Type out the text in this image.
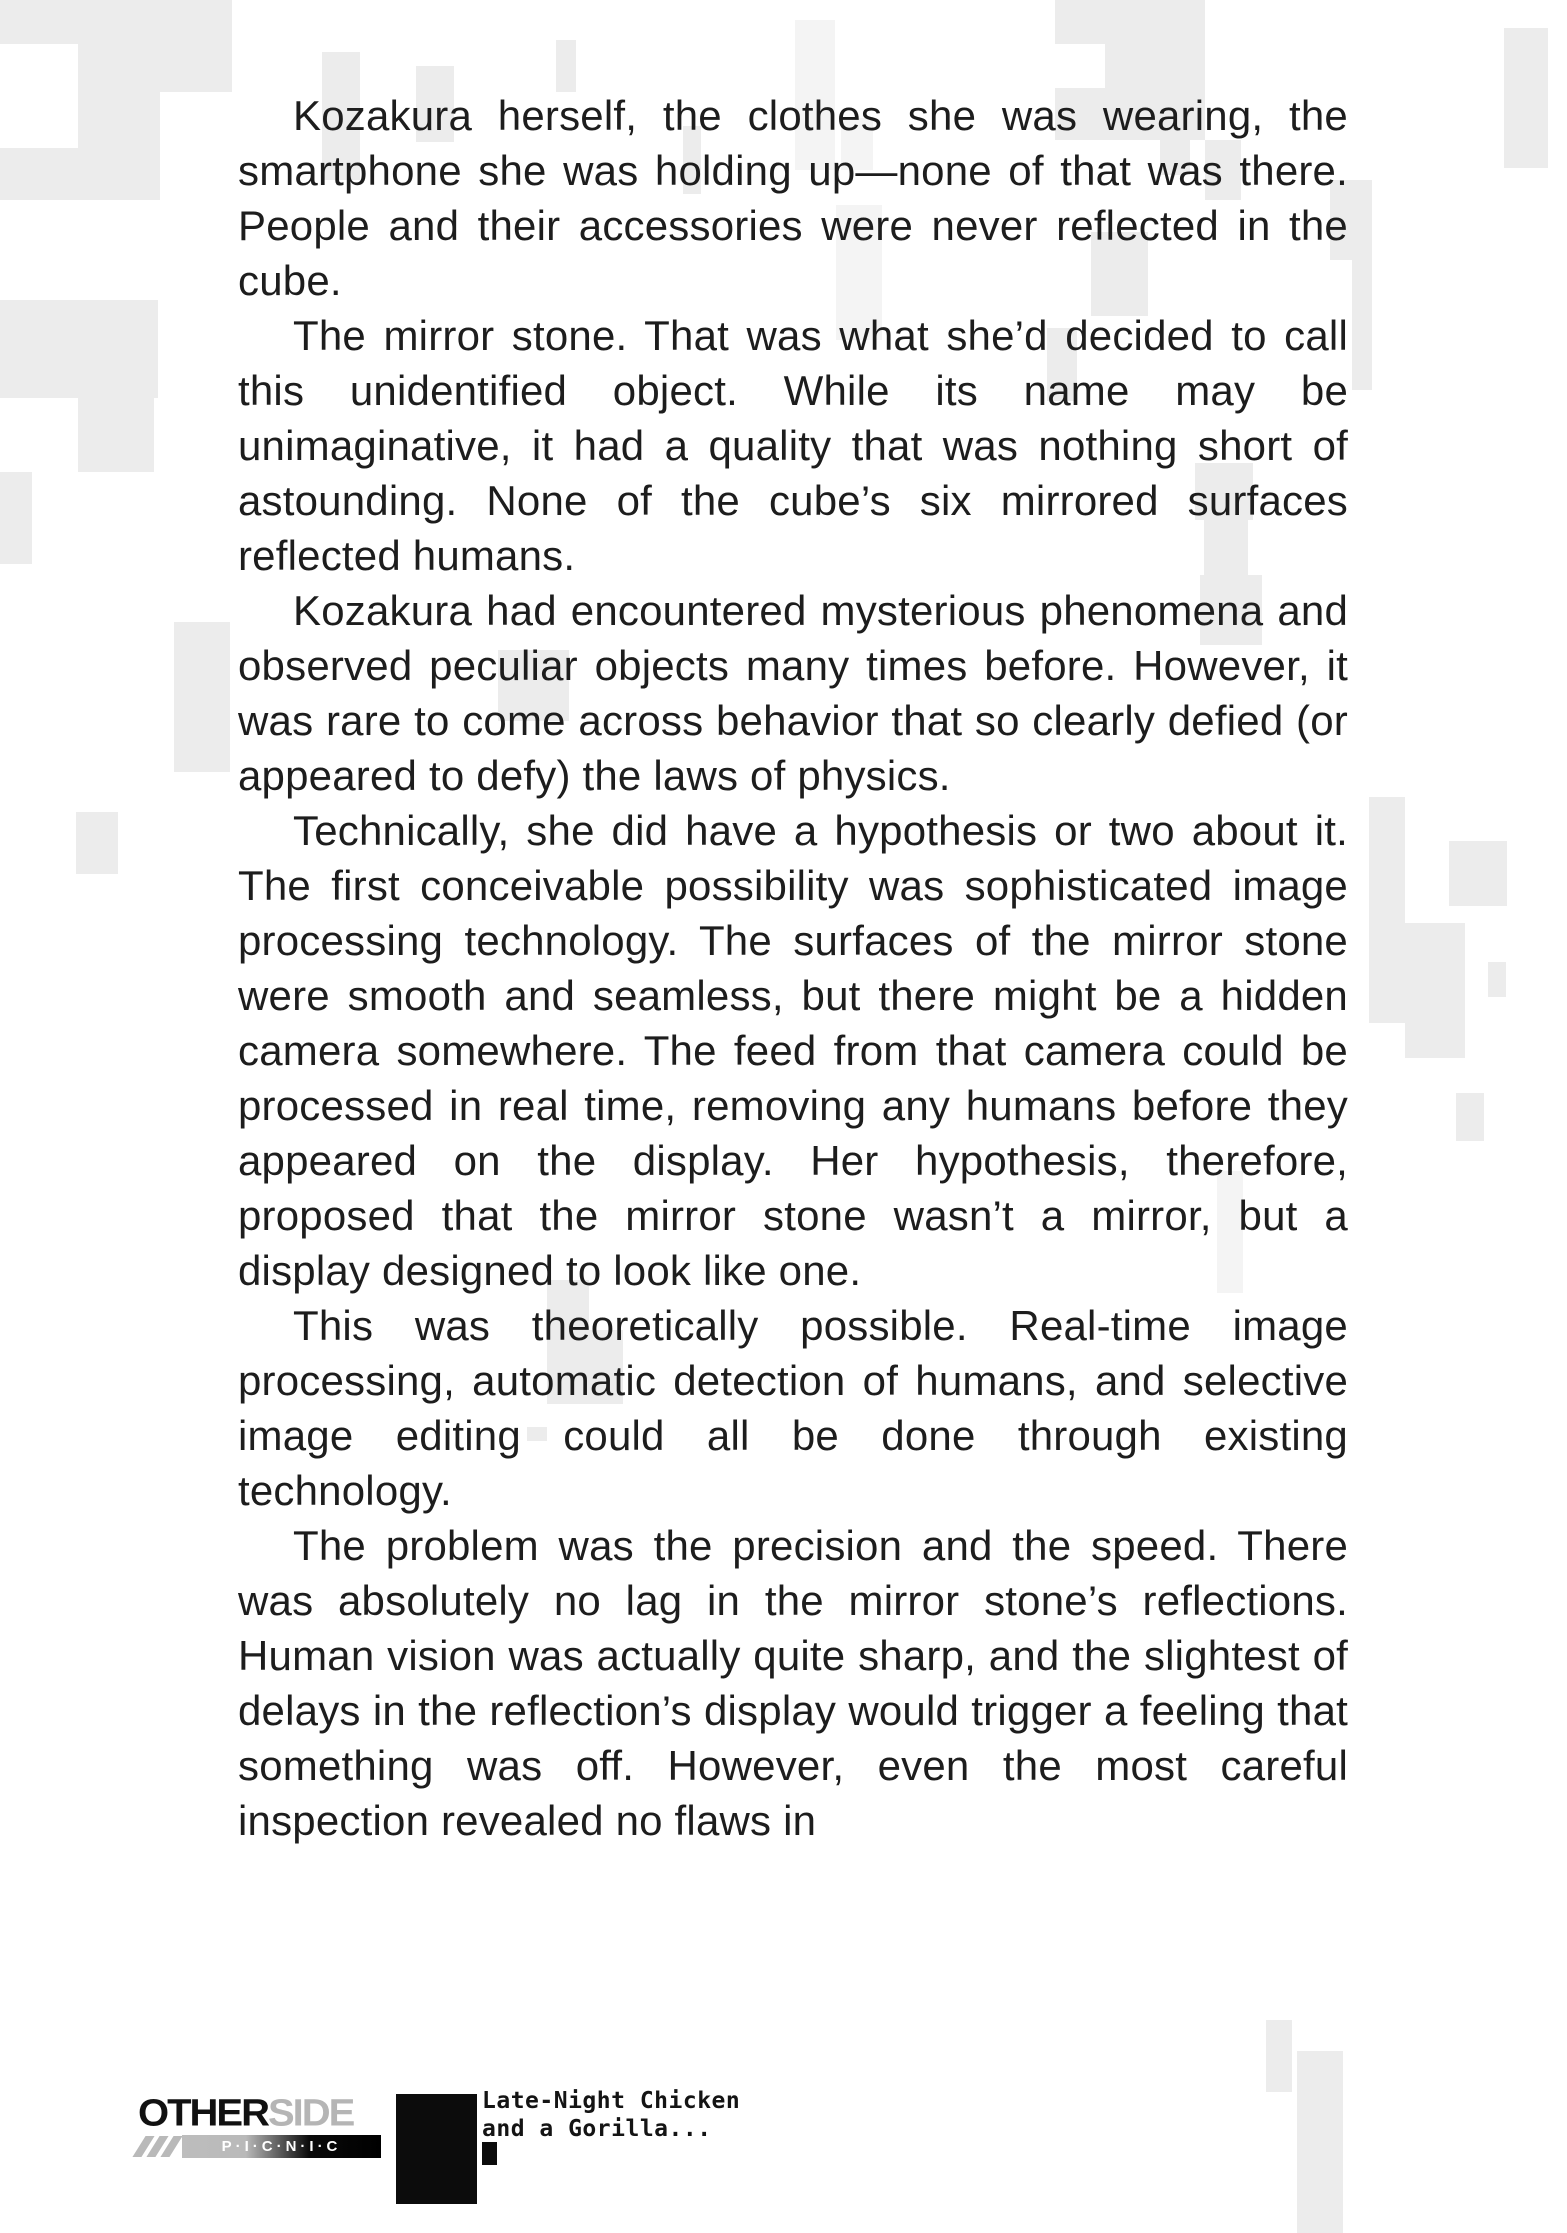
Kozakura herself, the clothes she was wearing, the smartphone she was holding up—none of that was there. People and their accessories were never reflected in the cube.

The mirror stone. That was what she’d decided to call this unidentified object. While its name may be unimaginative, it had a quality that was nothing short of astounding. None of the cube’s six mirrored surfaces reflected humans.

Kozakura had encountered mysterious phenomena and observed peculiar objects many times before. However, it was rare to come across behavior that so clearly defied (or appeared to defy) the laws of physics.

Technically, she did have a hypothesis or two about it. The first conceivable possibility was sophisticated image processing technology. The surfaces of the mirror stone were smooth and seamless, but there might be a hidden camera somewhere. The feed from that camera could be processed in real time, removing any humans before they appeared on the display. Her hypothesis, therefore, proposed that the mirror stone wasn’t a mirror, but a display designed to look like one.

This was theoretically possible. Real-time image processing, automatic detection of humans, and selective image editing could all be done through existing technology.

The problem was the precision and the speed. There was absolutely no lag in the mirror stone’s reflections. Human vision was actually quite sharp, and the slightest of delays in the reflection’s display would trigger a feeling that something was off. However, even the most careful inspection revealed no flaws in

OTHERSIDE
P·I·C·N·I·C
Late-Night Chicken
and a Gorilla...
